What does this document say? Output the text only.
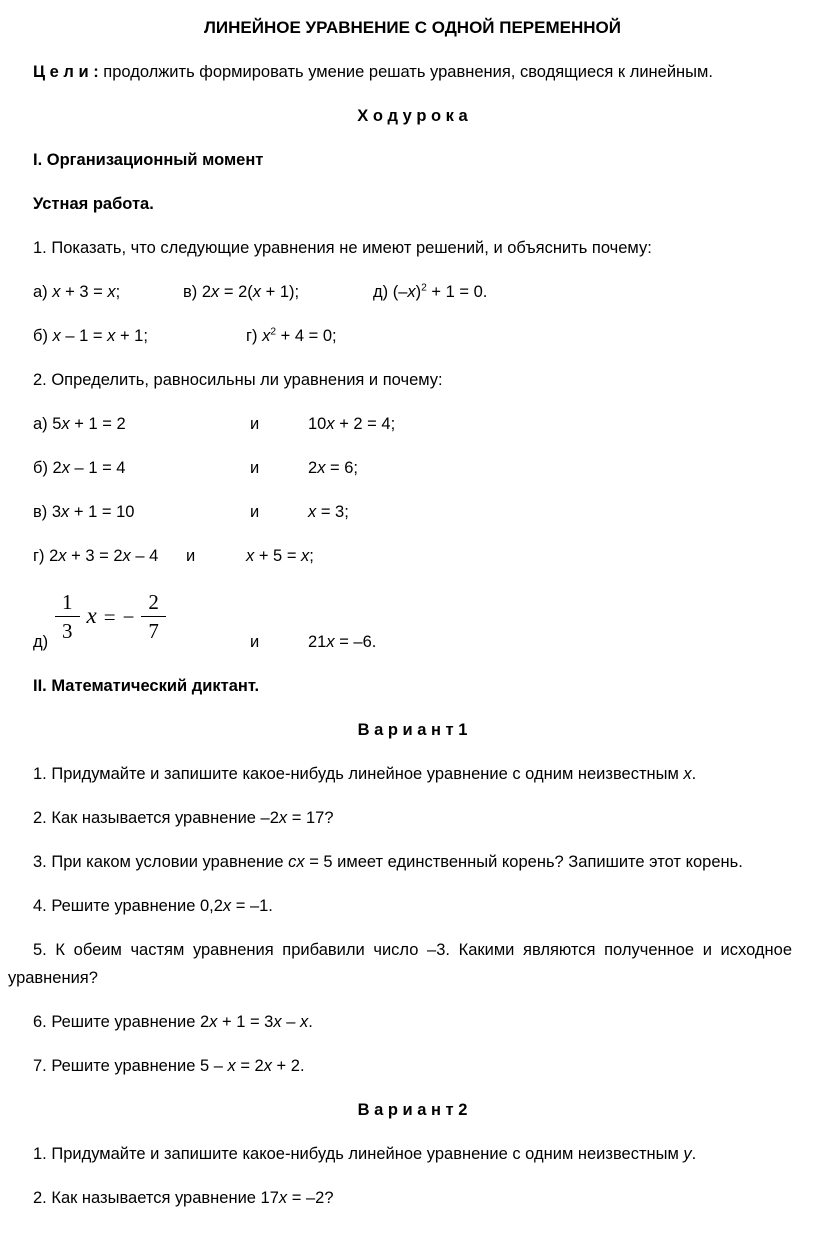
ЛИНЕЙНОЕ УРАВНЕНИЕ С ОДНОЙ ПЕРЕМЕННОЙ
Ц е л и : продолжить формировать умение решать уравнения, сводящиеся к линейным.
Х о д у р о к а
I. Организационный момент
Устная работа.
1. Показать, что следующие уравнения не имеют решений, и объяснить почему:
а) x + 3 = x;	в) 2x = 2(x + 1);	д) $(-x)^2 + 1 = 0$.
б) x – 1 = x + 1;	г) $x^2 + 4 = 0$;
2. Определить, равносильны ли уравнения и почему:
а) 5x + 1 = 2	и	10x + 2 = 4;
б) 2x – 1 = 4	и	2x = 6;
в) 3x + 1 = 10	и	x = 3;
г) 2x + 3 = 2x – 4 и	x + 5 = x;
$д) \frac{1}{3}$ x = − $\frac{2}{7}$	и	21x = –6.
II. Математический диктант.
В а р и а н т 1
1. Придумайте и запишите какое-нибудь линейное уравнение с одним неизвестным x.
2. Как называется уравнение –2x = 17?
3. При каком условии уравнение cx = 5 имеет единственный корень? Запишите этот корень.
4. Решите уравнение 0,2x = –1.
5. К обеим частям уравнения прибавили число –3. Какими являются полученное и исходное
уравнения?
6. Решите уравнение 2x + 1 = 3x – x.
7. Решите уравнение 5 – x = 2x + 2.
В а р и а н т 2
1. Придумайте и запишите какое-нибудь линейное уравнение с одним неизвестным y.
2. Как называется уравнение 17x = –2?
